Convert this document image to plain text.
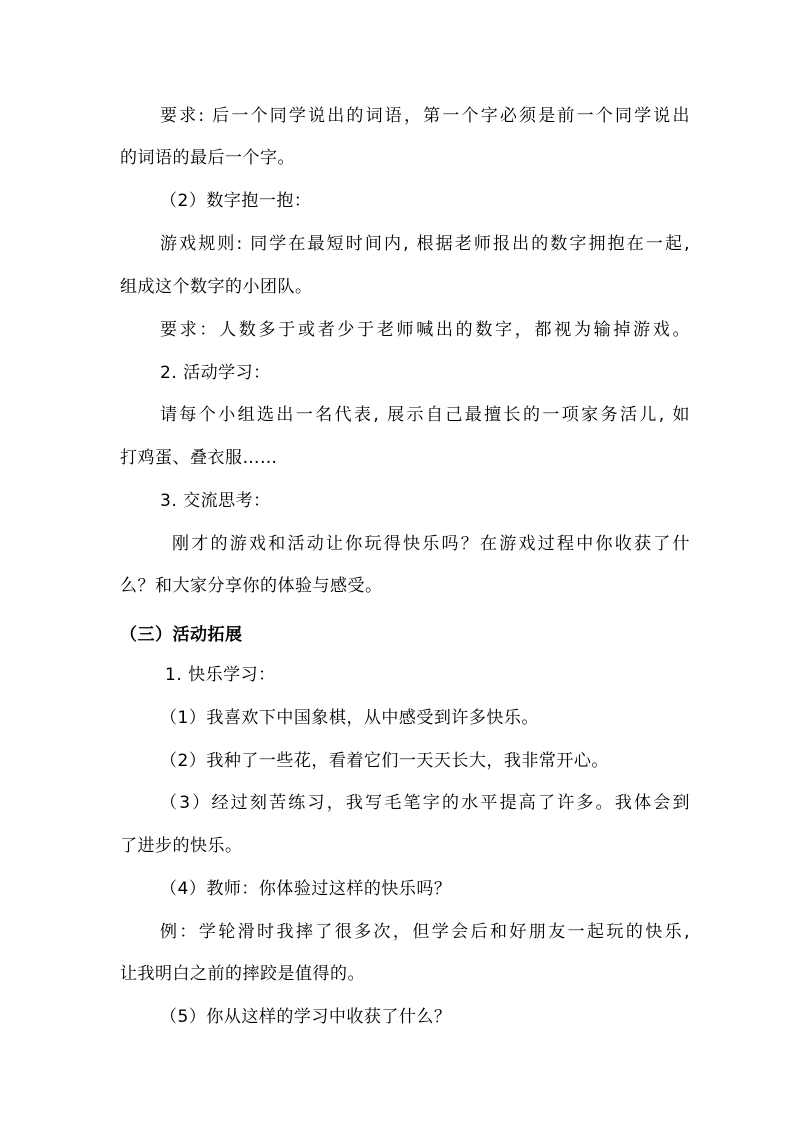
要求: 后一个同学说出的词语，第一个字必须是前一个同学说出
的词语的最后一个字。
（2）数字抱一抱：
游戏规则: 同学在最短时间内, 根据老师报出的数字拥抱在一起,
组成这个数字的小团队。
要求：人数多于或者少于老师喊出的数字，都视为输掉游戏。
2. 活动学习：
请每个小组选出一名代表, 展示自己最擅长的一项家务活儿, 如
打鸡蛋、叠衣服……
3. 交流思考：
刚才的游戏和活动让你玩得快乐吗？在游戏过程中你收获了什
么？和大家分享你的体验与感受。
（三）活动拓展
1. 快乐学习：
（1）我喜欢下中国象棋，从中感受到许多快乐。
（2）我种了一些花，看着它们一天天长大，我非常开心。
（3）经过刻苦练习，我写毛笔字的水平提高了许多。我体会到
了进步的快乐。
（4）教师：你体验过这样的快乐吗？
例：学轮滑时我摔了很多次，但学会后和好朋友一起玩的快乐,
让我明白之前的摔跤是值得的。
（5）你从这样的学习中收获了什么？
